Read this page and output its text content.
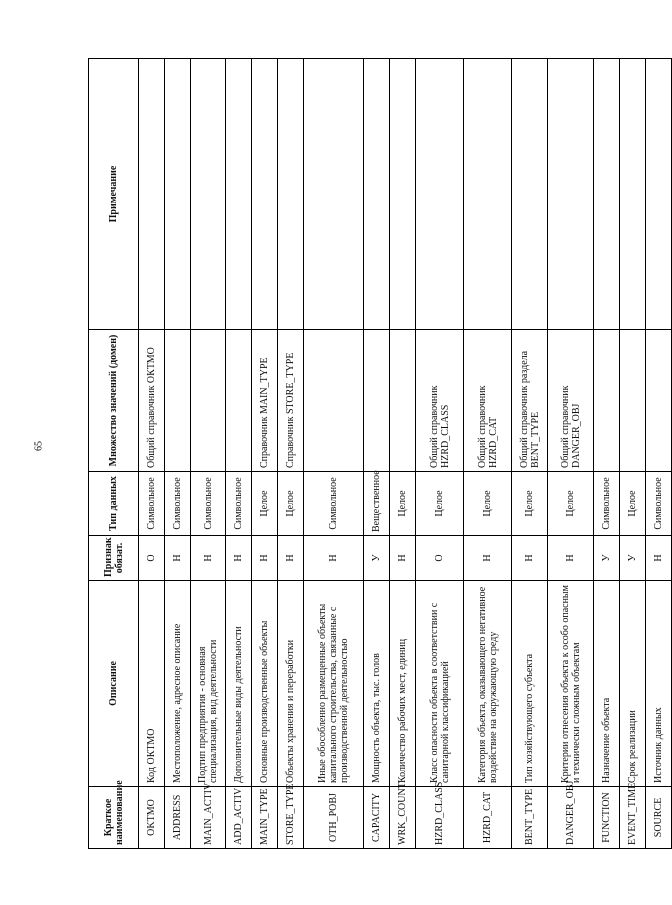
65
Краткое наименование	Описание	Признак обязат.	Тип данных	Множество значений (домен)	Примечание
OKTMO	Код ОКТМО	О	Символьное	Общий справочник ОКТМО	
ADDRESS	Местоположение, адресное описание	Н	Символьное		
MAIN_ACTIV	Подтип предприятия - основная специализация, вид деятельности	Н	Символьное		
ADD_ACTIV	Дополнительные виды деятельности	Н	Символьное		
MAIN_TYPE	Основные производственные объекты	Н	Целое	Справочник MAIN_TYPE	
STORE_TYPE	Объекты хранения и переработки	Н	Целое	Справочник STORE_TYPE	
OTH_POBJ	Иные обособленно размещенные объекты капитального строительства, связанные с производственной деятельностью	Н	Символьное		
CAPACITY	Мощность объекта, тыс. голов	У	Вещественное		
WRK_COUNT	Количество рабочих мест, единиц	Н	Целое		
HZRD_CLASS	Класс опасности объекта в соответствии с санитарной классификацией	О	Целое	Общий справочник HZRD_CLASS	
HZRD_CAT	Категория объекта, оказывающего негативное воздействие на окружающую среду	Н	Целое	Общий справочник HZRD_CAT	
BENT_TYPE	Тип хозяйствующего субъекта	Н	Целое	Общий справочник раздела BENT_TYPE	
DANGER_OBJ	Критерии отнесения объекта к особо опасным и технически сложным объектам	Н	Целое	Общий справочник DANGER_OBJ	
FUNCTION	Назначение объекта	У	Символьное		
EVENT_TIME	Срок реализации	У	Целое		
SOURCE	Источник данных	Н	Символьное		
